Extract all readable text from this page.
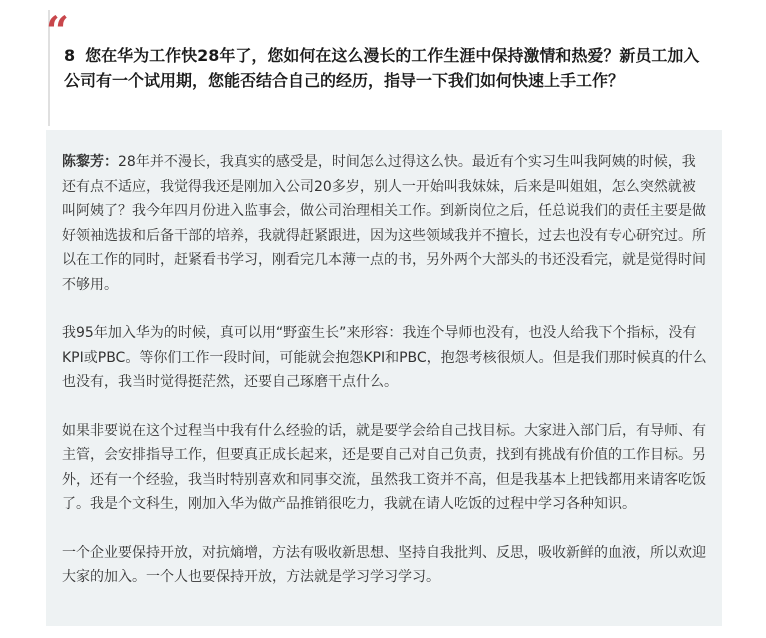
“
8 您在华为工作快28年了，您如何在这么漫长的工作生涯中保持激情和热爱？新员工加入公司有一个试用期，您能否结合自己的经历，指导一下我们如何快速上手工作？

陈黎芳：28年并不漫长，我真实的感受是，时间怎么过得这么快。最近有个实习生叫我阿姨的时候，我还有点不适应，我觉得我还是刚加入公司20多岁，别人一开始叫我妹妹，后来是叫姐姐，怎么突然就被叫阿姨了？我今年四月份进入监事会，做公司治理相关工作。到新岗位之后，任总说我们的责任主要是做好领袖选拔和后备干部的培养，我就得赶紧跟进，因为这些领域我并不擅长，过去也没有专心研究过。所以在工作的同时，赶紧看书学习，刚看完几本薄一点的书，另外两个大部头的书还没看完，就是觉得时间不够用。

我95年加入华为的时候，真可以用“野蛮生长”来形容：我连个导师也没有，也没人给我下个指标，没有KPI或PBC。等你们工作一段时间，可能就会抱怨KPI和PBC，抱怨考核很烦人。但是我们那时候真的什么也没有，我当时觉得挺茫然，还要自己琢磨干点什么。

如果非要说在这个过程当中我有什么经验的话，就是要学会给自己找目标。大家进入部门后，有导师、有主管，会安排指导工作，但要真正成长起来，还是要自己对自己负责，找到有挑战有价值的工作目标。另外，还有一个经验，我当时特别喜欢和同事交流，虽然我工资并不高，但是我基本上把钱都用来请客吃饭了。我是个文科生，刚加入华为做产品推销很吃力，我就在请人吃饭的过程中学习各种知识。

一个企业要保持开放，对抗熵增，方法有吸收新思想、坚持自我批判、反思，吸收新鲜的血液，所以欢迎大家的加入。一个人也要保持开放，方法就是学习学习学习。
